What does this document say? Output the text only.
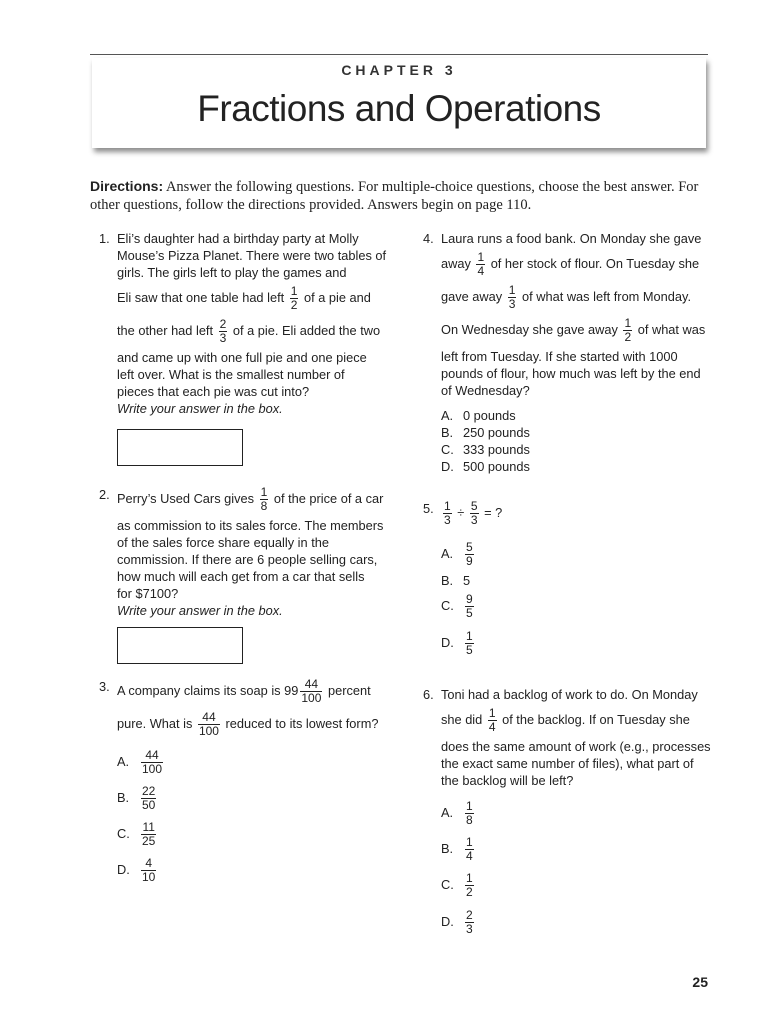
CHAPTER 3
Fractions and Operations
Directions: Answer the following questions. For multiple-choice questions, choose the best answer. For other questions, follow the directions provided. Answers begin on page 110.
1. Eli’s daughter had a birthday party at Molly
Mouse’s Pizza Planet. There were two tables of
girls. The girls left to play the games and
Eli saw that one table had left $\frac{1}{2}$ of a pie and
the other had left $\frac{2}{3}$ of a pie. Eli added the two
and came up with one full pie and one piece
left over. What is the smallest number of
pieces that each pie was cut into?
Write your answer in the box.
2. Perry’s Used Cars gives $\frac{1}{8}$ of the price of a car
as commission to its sales force. The members
of the sales force share equally in the
commission. If there are 6 people selling cars,
how much will each get from a car that sells
for $7100?
Write your answer in the box.
3. A company claims its soap is $99 \frac{44}{100}$ percent
pure. What is $\frac{44}{100}$ reduced to its lowest form?
A. $\frac{44}{100}$
B. $\frac{22}{50}$
C. $\frac{11}{25}$
D. $\frac{4}{10}$
4. Laura runs a food bank. On Monday she gave
away $\frac{1}{4}$ of her stock of flour. On Tuesday she
gave away $\frac{1}{3}$ of what was left from Monday.
On Wednesday she gave away $\frac{1}{2}$ of what was
left from Tuesday. If she started with 1000
pounds of flour, how much was left by the end
of Wednesday?
A. 0 pounds
B. 250 pounds
C. 333 pounds
D. 500 pounds
5. $\frac{1}{3} \div \frac{5}{3}$ = ?
A. $\frac{5}{9}$
B. 5
C. $\frac{9}{5}$
D. $\frac{1}{5}$
6. Toni had a backlog of work to do. On Monday
she did $\frac{1}{4}$ of the backlog. If on Tuesday she
does the same amount of work (e.g., processes
the exact same number of files), what part of
the backlog will be left?
A. $\frac{1}{8}$
B. $\frac{1}{4}$
C. $\frac{1}{2}$
D. $\frac{2}{3}$
25
